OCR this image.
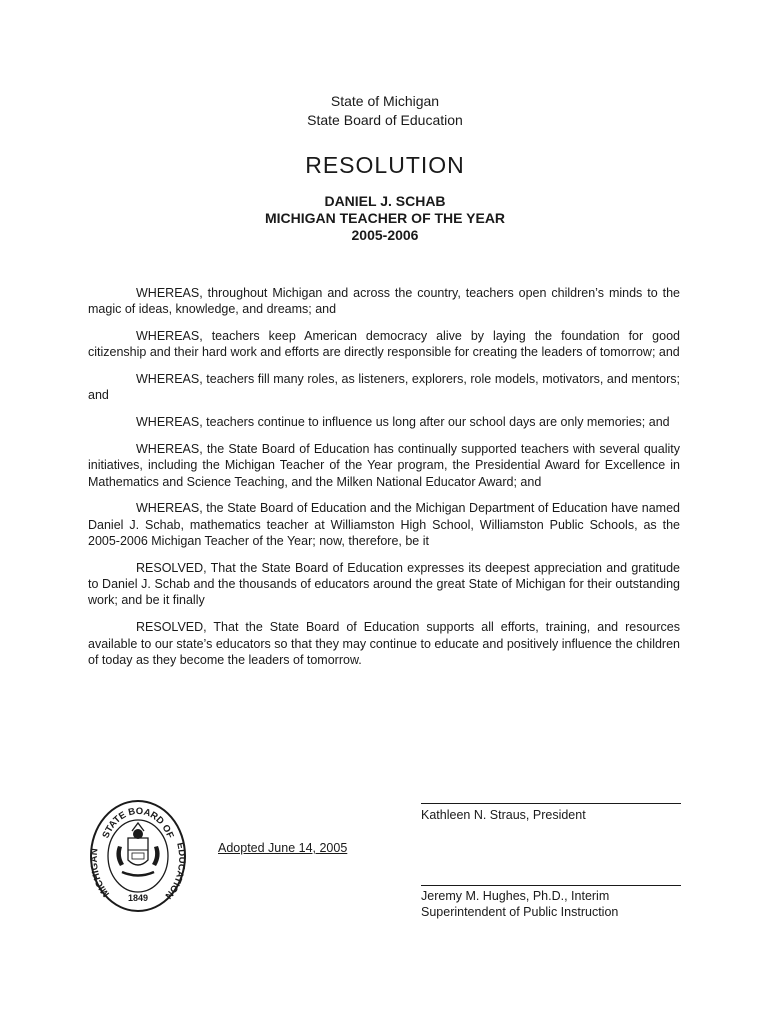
State of Michigan
State Board of Education
RESOLUTION
DANIEL J. SCHAB
MICHIGAN TEACHER OF THE YEAR
2005-2006

WHEREAS, throughout Michigan and across the country, teachers open children’s minds to the magic of ideas, knowledge, and dreams; and

WHEREAS, teachers keep American democracy alive by laying the foundation for good citizenship and their hard work and efforts are directly responsible for creating the leaders of tomorrow; and

WHEREAS, teachers fill many roles, as listeners, explorers, role models, motivators, and mentors; and

WHEREAS, teachers continue to influence us long after our school days are only memories; and

WHEREAS, the State Board of Education has continually supported teachers with several quality initiatives, including the Michigan Teacher of the Year program, the Presidential Award for Excellence in Mathematics and Science Teaching, and the Milken National Educator Award; and

WHEREAS, the State Board of Education and the Michigan Department of Education have named Daniel J. Schab, mathematics teacher at Williamston High School, Williamston Public Schools, as the 2005-2006 Michigan Teacher of the Year; now, therefore, be it

RESOLVED, That the State Board of Education expresses its deepest appreciation and gratitude to Daniel J. Schab and the thousands of educators around the great State of Michigan for their outstanding work; and be it finally

RESOLVED, That the State Board of Education supports all efforts, training, and resources available to our state’s educators so that they may continue to educate and positively influence the children of today as they become the leaders of tomorrow.

STATE BOARD OF
MICHIGAN
EDUCATION
1849
Adopted June 14, 2005
Kathleen N. Straus, President
Jeremy M. Hughes, Ph.D., Interim
Superintendent of Public Instruction
